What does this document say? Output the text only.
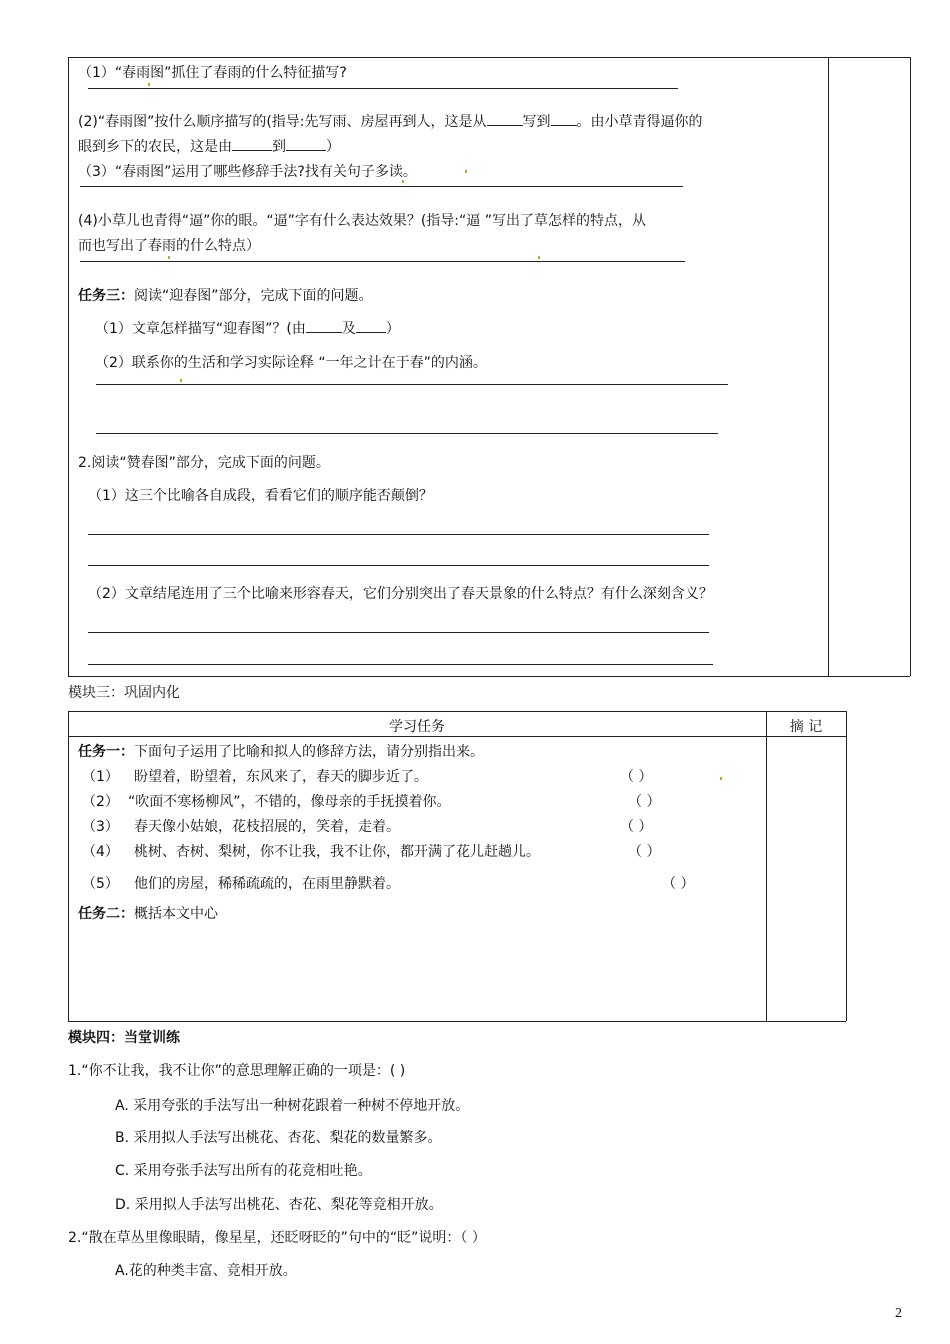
（1）“春雨图”抓住了春雨的什么特征描写?
(2)“春雨图”按什么顺序描写的(指导:先写雨、房屋再到人，这是从	写到 。由小草青得逼你的
眼到乡下的农民，这是由	到	）
（3）“春雨图”运用了哪些修辞手法?找有关句子多读。
(4)小草儿也青得“逼”你的眼。“逼”字有什么表达效果？(指导:“逼 ”写出了草怎样的特点，从
而也写出了春雨的什么特点）
任务三：阅读“迎春图”部分，完成下面的问题。
（1）文章怎样描写“迎春图”？(由	及 ）
（2）联系你的生活和学习实际诠释 “一年之计在于春”的内涵。
2.阅读“赞春图”部分，完成下面的问题。
（1）这三个比喻各自成段，看看它们的顺序能否颠倒？
（2）文章结尾连用了三个比喻来形容春天，它们分别突出了春天景象的什么特点？有什么深刻含义？
模块三：巩固内化
学习任务	摘 记
任务一：下面句子运用了比喻和拟人的修辞方法，请分别指出来。
（1） 盼望着，盼望着，东风来了，春天的脚步近了。	（ ）
（2） “吹面不寒杨柳风”，不错的，像母亲的手抚摸着你。	（ ）
（3） 春天像小姑娘，花枝招展的，笑着，走着。	（ ）
（4） 桃树、杏树、梨树，你不让我，我不让你，都开满了花儿赶趟儿。	（ ）
（5） 他们的房屋，稀稀疏疏的，在雨里静默着。	（ ）
任务二：概括本文中心
模块四：当堂训练
1.“你不让我，我不让你”的意思理解正确的一项是：( )
A. 采用夸张的手法写出一种树花跟着一种树不停地开放。
B. 采用拟人手法写出桃花、杏花、梨花的数量繁多。
C. 采用夸张手法写出所有的花竞相吐艳。
D. 采用拟人手法写出桃花、杏花、梨花等竞相开放。
2.“散在草丛里像眼睛，像星星，还眨呀眨的”句中的“眨”说明：（ ）
A.花的种类丰富、竞相开放。
2
